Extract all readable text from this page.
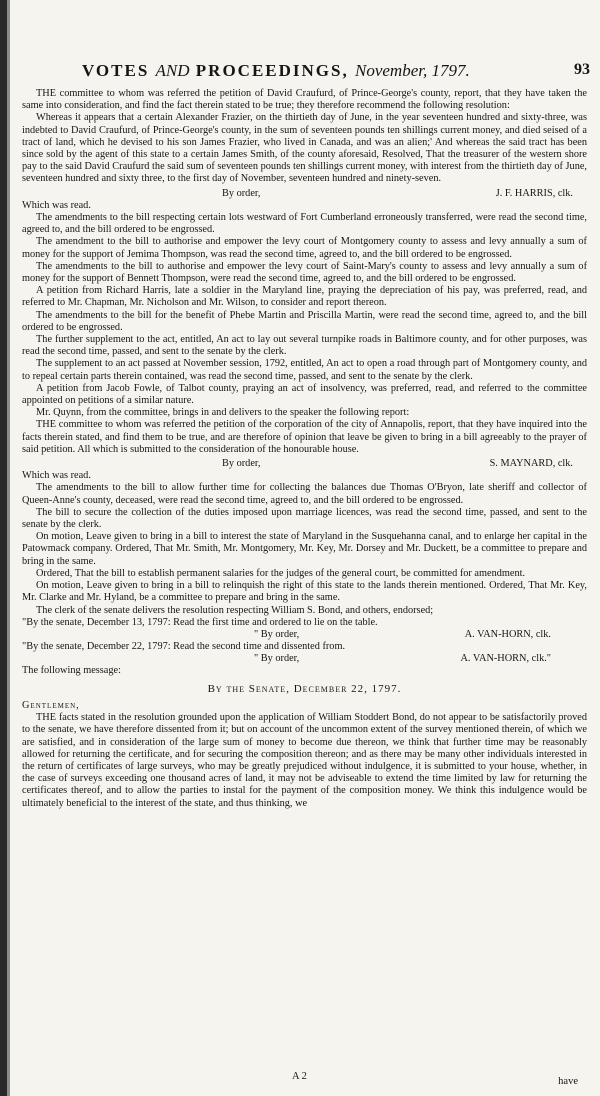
VOTES AND PROCEEDINGS, November, 1797.	93

THE committee to whom was referred the petition of David Craufurd, of Prince-George's county, report, that they have taken the same into consideration, and find the fact therein stated to be true; they therefore recommend the following resolution:

Whereas it appears that a certain Alexander Frazier, on the thirtieth day of June, in the year seventeen hundred and sixty-three, was indebted to David Craufurd, of Prince-George's county, in the sum of seventeen pounds ten shillings current money, and died seised of a tract of land, which he devised to his son James Frazier, who lived in Canada, and was an alien;' And whereas the said tract has been since sold by the agent of this state to a certain James Smith, of the county aforesaid, Resolved, That the treasurer of the western shore pay to the said David Craufurd the said sum of seventeen pounds ten shillings current money, with interest from the thirtieth day of June, seventeen hundred and sixty three, to the first day of November, seventeen hundred and ninety-seven.

By order,	J. F. HARRIS, clk.

Which was read.

The amendments to the bill respecting certain lots westward of Fort Cumberland erroneously transferred, were read the second time, agreed to, and the bill ordered to be engrossed.

The amendment to the bill to authorise and empower the levy court of Montgomery county to assess and levy annually a sum of money for the support of Jemima Thompson, was read the second time, agreed to, and the bill ordered to be engrossed.

The amendments to the bill to authorise and empower the levy court of Saint-Mary's county to assess and levy annually a sum of money for the support of Bennett Thompson, were read the second time, agreed to, and the bill ordered to be engrossed.

A petition from Richard Harris, late a soldier in the Maryland line, praying the depreciation of his pay, was preferred, read, and referred to Mr. Chapman, Mr. Nicholson and Mr. Wilson, to consider and report thereon.

The amendments to the bill for the benefit of Phebe Martin and Priscilla Martin, were read the second time, agreed to, and the bill ordered to be engrossed.

The further supplement to the act, entitled, An act to lay out several turnpike roads in Baltimore county, and for other purposes, was read the second time, passed, and sent to the senate by the clerk.

The supplement to an act passed at November session, 1792, entitled, An act to open a road through part of Montgomery county, and to repeal certain parts therein contained, was read the second time, passed, and sent to the senate by the clerk.

A petition from Jacob Fowle, of Talbot county, praying an act of insolvency, was preferred, read, and referred to the committee appointed on petitions of a similar nature.

Mr. Quynn, from the committee, brings in and delivers to the speaker the following report:

THE committee to whom was referred the petition of the corporation of the city of Annapolis, report, that they have inquired into the facts therein stated, and find them to be true, and are therefore of opinion that leave be given to bring in a bill agreeably to the prayer of said petition. All which is submitted to the consideration of the honourable house.

By order,	S. MAYNARD, clk.

Which was read.

The amendments to the bill to allow further time for collecting the balances due Thomas O'Bryon, late sheriff and collector of Queen-Anne's county, deceased, were read the second time, agreed to, and the bill ordered to be engrossed.

The bill to secure the collection of the duties imposed upon marriage licences, was read the second time, passed, and sent to the senate by the clerk.

On motion, Leave given to bring in a bill to interest the state of Maryland in the Susquehanna canal, and to enlarge her capital in the Patowmack company. Ordered, That Mr. Smith, Mr. Montgomery, Mr. Key, Mr. Dorsey and Mr. Duckett, be a committee to prepare and bring in the same.

Ordered, That the bill to establish permanent salaries for the judges of the general court, be committed for amendment.

On motion, Leave given to bring in a bill to relinquish the right of this state to the lands therein mentioned. Ordered, That Mr. Key, Mr. Clarke and Mr. Hyland, be a committee to prepare and bring in the same.

The clerk of the senate delivers the resolution respecting William S. Bond, and others, endorsed;

"By the senate, December 13, 1797: Read the first time and ordered to lie on the table.

" By order,	A. VAN-HORN, clk.

"By the senate, December 22, 1797: Read the second time and dissented from.

" By order,	A. VAN-HORN, clk."

The following message:

By the Senate, December 22, 1797.

Gentlemen,

THE facts stated in the resolution grounded upon the application of William Stoddert Bond, do not appear to be satisfactorily proved to the senate, we have therefore dissented from it; but on account of the uncommon extent of the survey mentioned therein, of which we are satisfied, and in consideration of the large sum of money to become due thereon, we think that further time may be reasonably allowed for returning the certificate, and for securing the composition thereon; and as there may be many other individuals interested in the return of certificates of large surveys, who may be greatly prejudiced without indulgence, it is submitted to your house, whether, in the case of surveys exceeding one thousand acres of land, it may not be adviseable to extend the time limited by law for returning the certificates thereof, and to allow the parties to instal for the payment of the composition money. We think this indulgence would be ultimately beneficial to the interest of the state, and thus thinking, we

A 2	have
